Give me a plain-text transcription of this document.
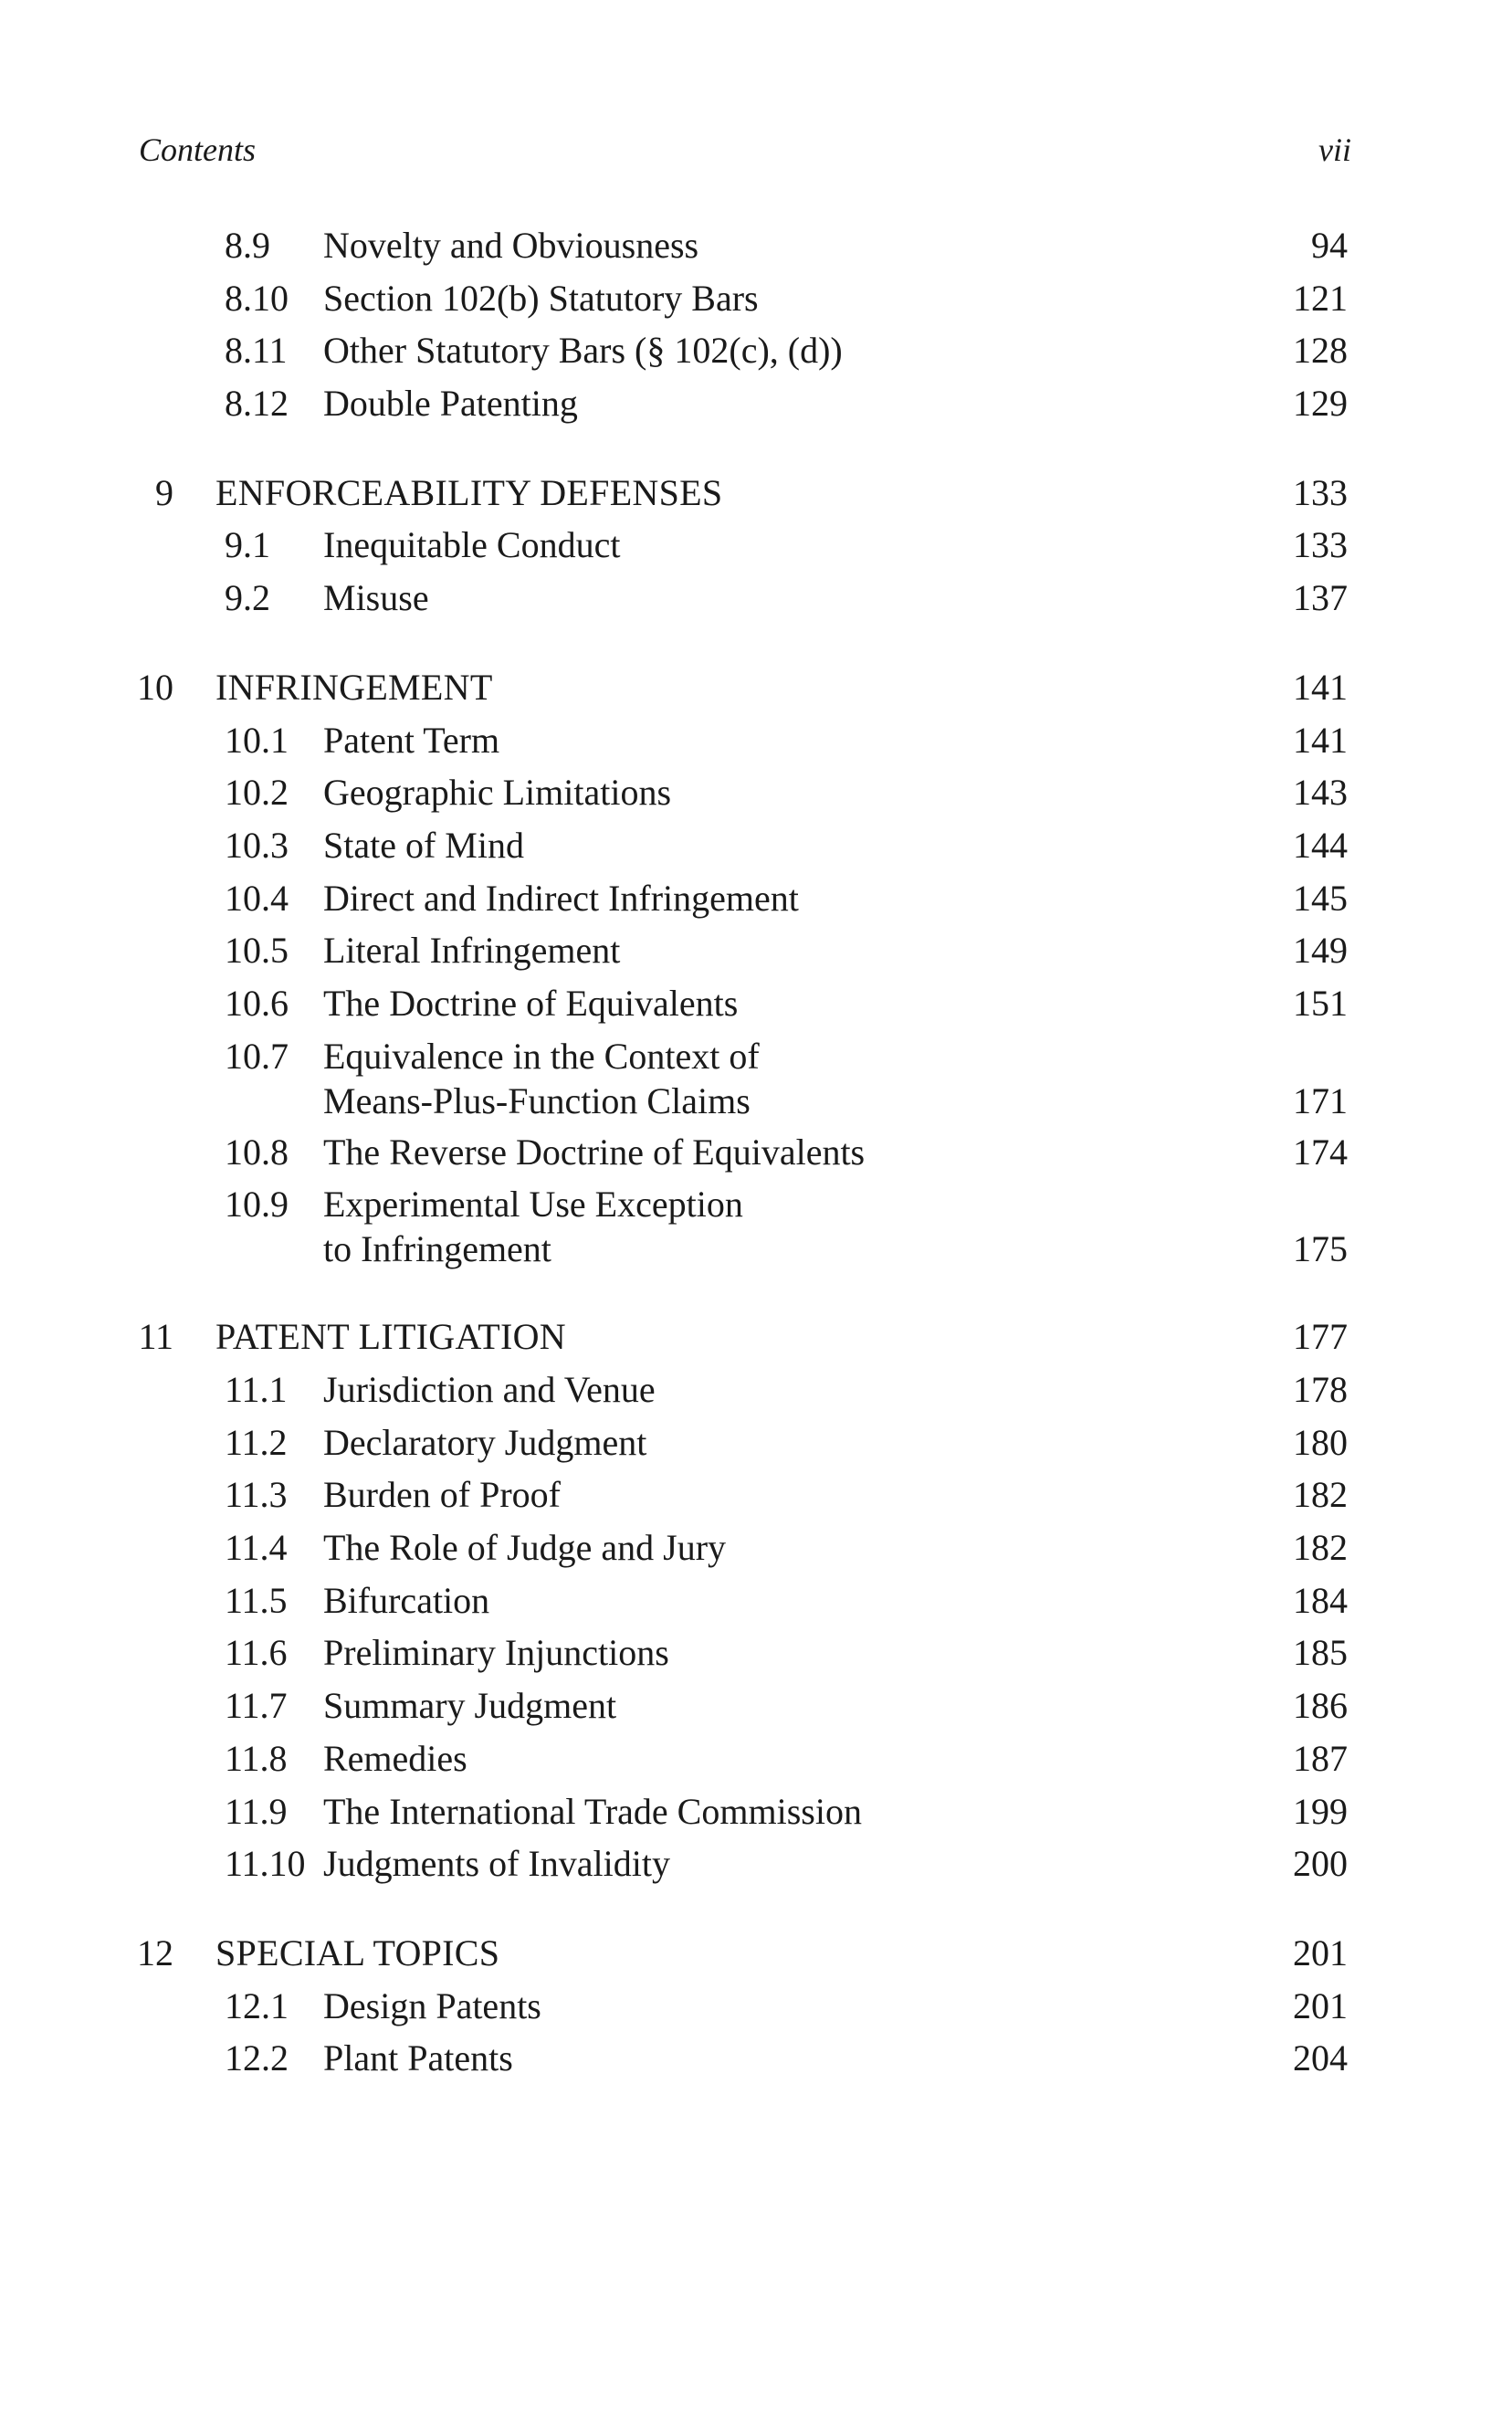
Contents	vii
8.9 Novelty and Obviousness	94
8.10 Section 102(b) Statutory Bars	121
8.11 Other Statutory Bars (§ 102(c), (d))	128
8.12 Double Patenting	129
9 ENFORCEABILITY DEFENSES	133
9.1 Inequitable Conduct	133
9.2 Misuse	137
10 INFRINGEMENT	141
10.1 Patent Term	141
10.2 Geographic Limitations	143
10.3 State of Mind	144
10.4 Direct and Indirect Infringement	145
10.5 Literal Infringement	149
10.6 The Doctrine of Equivalents	151
10.7 Equivalence in the Context of
Means-Plus-Function Claims	171
10.8 The Reverse Doctrine of Equivalents	174
10.9 Experimental Use Exception
to Infringement	175
11 PATENT LITIGATION	177
11.1 Jurisdiction and Venue	178
11.2 Declaratory Judgment	180
11.3 Burden of Proof	182
11.4 The Role of Judge and Jury	182
11.5 Bifurcation	184
11.6 Preliminary Injunctions	185
11.7 Summary Judgment	186
11.8 Remedies	187
11.9 The International Trade Commission	199
11.10 Judgments of Invalidity	200
12 SPECIAL TOPICS	201
12.1 Design Patents	201
12.2 Plant Patents	204
